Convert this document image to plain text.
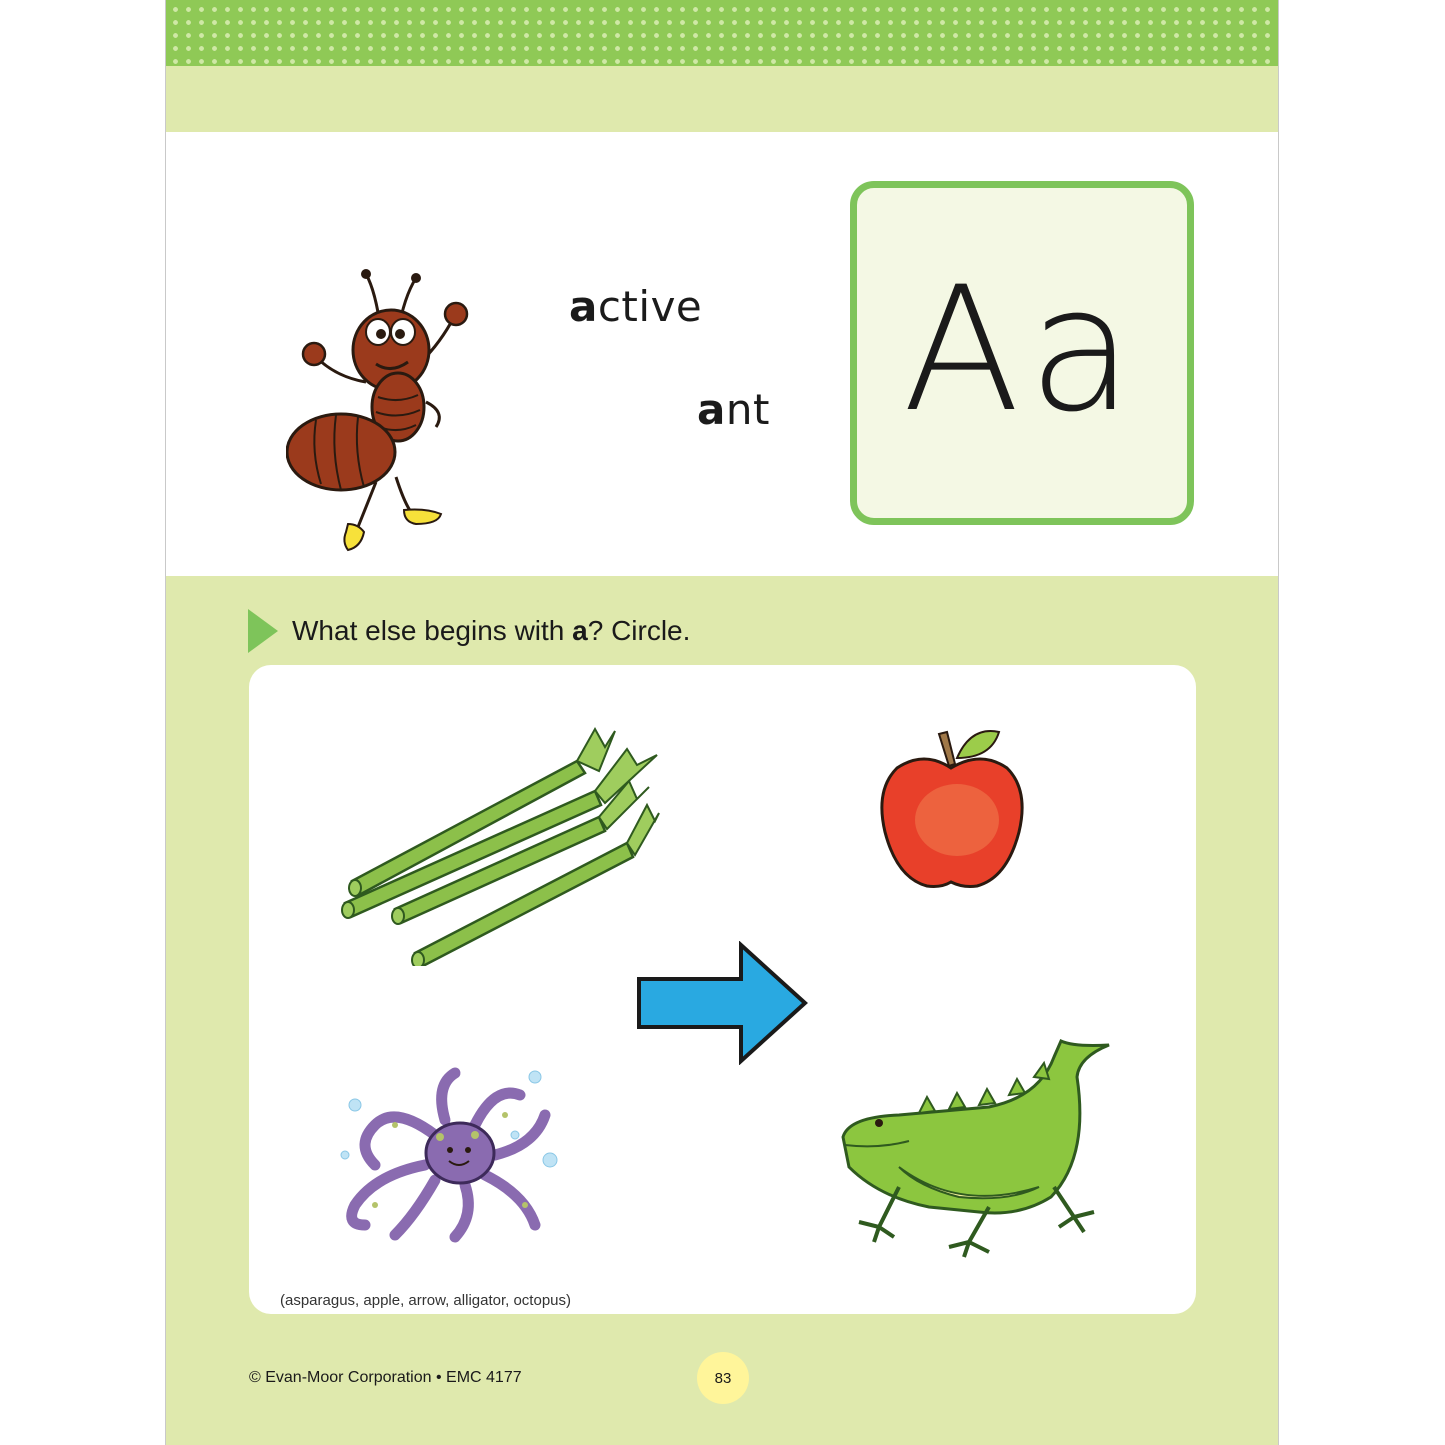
active
ant Aa
What else begins with a? Circle.
(asparagus, apple, arrow, alligator, octopus)
© Evan-Moor Corporation • EMC 4177	83
